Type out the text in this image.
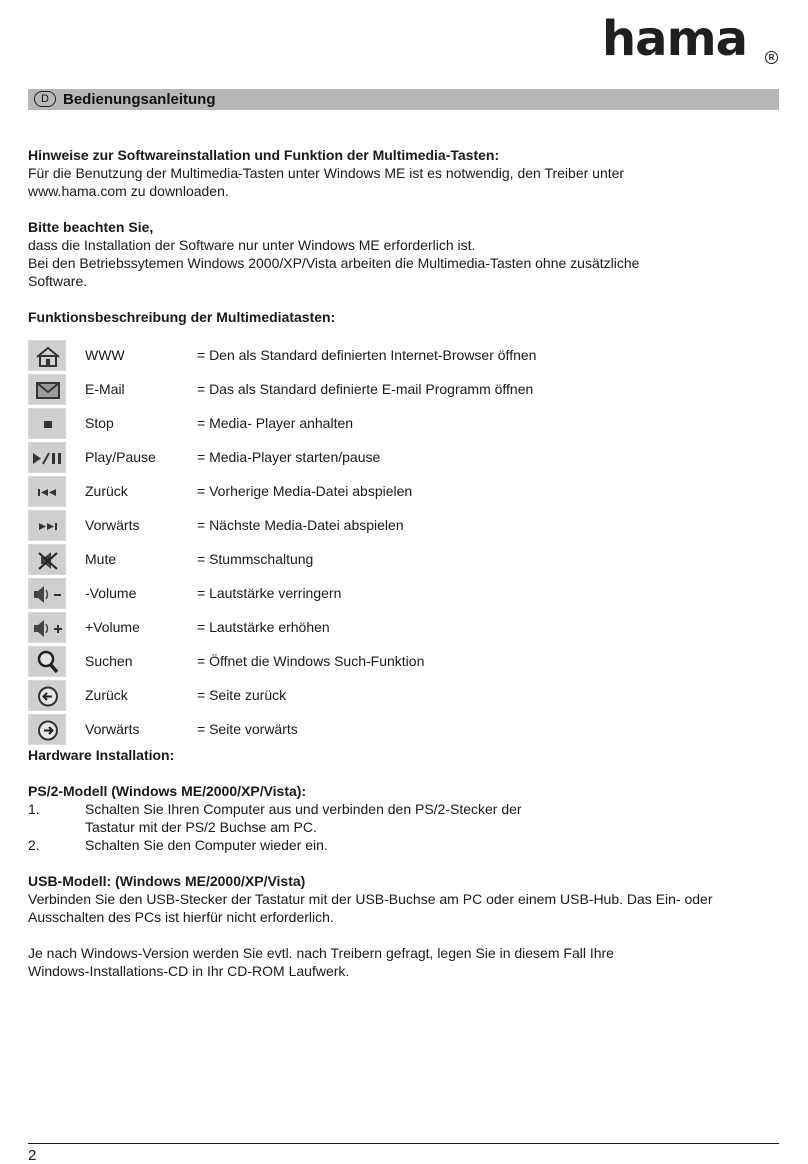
hama	R
D Bedienungsanleitung

Hinweise zur Softwareinstallation und Funktion der Multimedia-Tasten:

Für die Benutzung der Multimedia-Tasten unter Windows ME ist es notwendig, den Treiber unter

www.hama.com zu downloaden.

Bitte beachten Sie,

dass die Installation der Software nur unter Windows ME erforderlich ist.

Bei den Betriebssytemen Windows 2000/XP/Vista arbeiten die Multimedia-Tasten ohne zusätzliche

Software.

Funktionsbeschreibung der Multimediatasten:

WWW	= Den als Standard definierten Internet-Browser öffnen
E-Mail	= Das als Standard definierte E-mail Programm öffnen
Stop	= Media- Player anhalten
Play/Pause	= Media-Player starten/pause
Zurück	= Vorherige Media-Datei abspielen
Vorwärts	= Nächste Media-Datei abspielen
Mute	= Stummschaltung
-Volume	= Lautstärke verringern
+Volume	= Lautstärke erhöhen
Suchen	= Öffnet die Windows Such-Funktion
Zurück	= Seite zurück
Vorwärts	= Seite vorwärts

Hardware Installation:

PS/2-Modell (Windows ME/2000/XP/Vista):

1.	Schalten Sie Ihren Computer aus und verbinden den PS/2-Stecker der

Tastatur mit der PS/2 Buchse am PC.

2.	Schalten Sie den Computer wieder ein.

USB-Modell: (Windows ME/2000/XP/Vista)

Verbinden Sie den USB-Stecker der Tastatur mit der USB-Buchse am PC oder einem USB-Hub. Das Ein- oder

Ausschalten des PCs ist hierfür nicht erforderlich.

Je nach Windows-Version werden Sie evtl. nach Treibern gefragt, legen Sie in diesem Fall Ihre

Windows-Installations-CD in Ihr CD-ROM Laufwerk.

2
